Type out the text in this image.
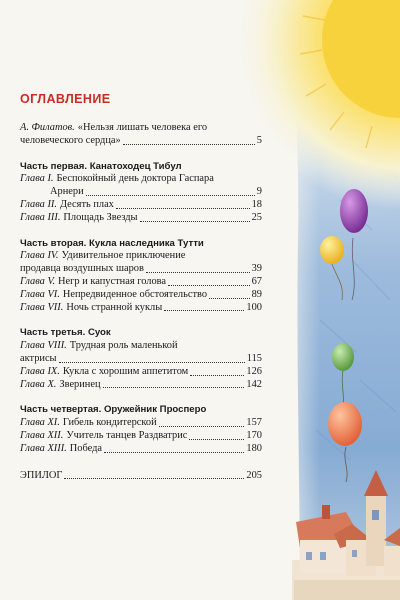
ОГЛАВЛЕНИЕ
А. Филатов. «Нельзя лишать человека его
человеческого сердца»	5
Часть первая. Канатоходец Тибул
Глава I. Беспокойный день доктора Гаспара
Арнери	9
Глава II. Десять плах	18
Глава III. Площадь Звезды	25
Часть вторая. Кукла наследника Тутти
Глава IV. Удивительное приключение
продавца воздушных шаров	39
Глава V. Негр и капустная голова	67
Глава VI. Непредвиденное обстоятельство	89
Глава VII. Ночь странной куклы	100
Часть третья. Суок
Глава VIII. Трудная роль маленькой
актрисы	115
Глава IX. Кукла с хорошим аппетитом	126
Глава X. Зверинец	142
Часть четвертая. Оружейник Просперо
Глава XI. Гибель кондитерской	157
Глава XII. Учитель танцев Раздватрис	170
Глава XIII. Победа	180
ЭПИЛОГ	205
